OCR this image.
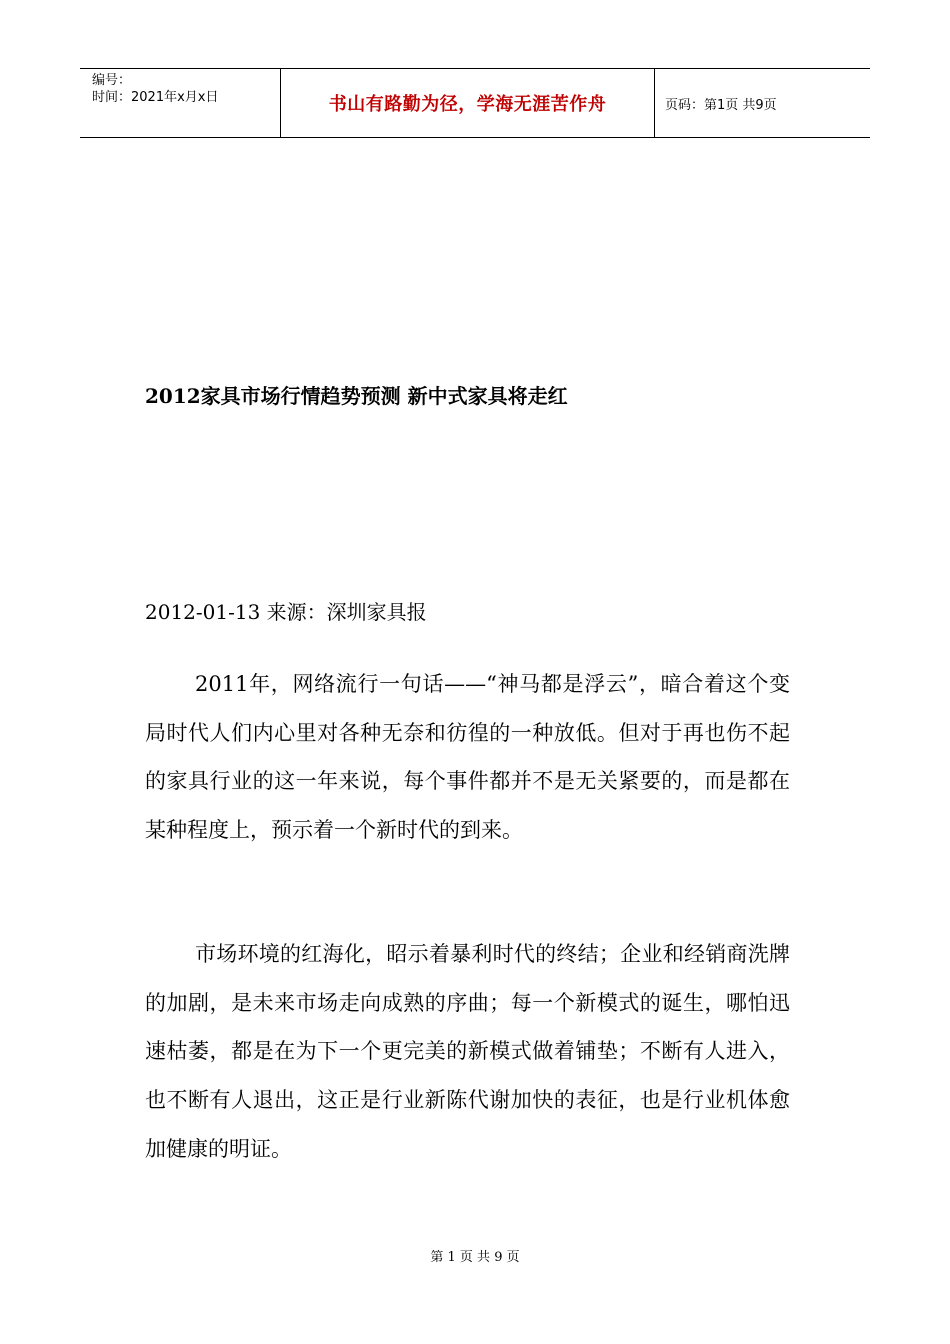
编号：
时间：2021年x月x日	书山有路勤为径，学海无涯苦作舟	页码：第1页 共9页
2012家具市场行情趋势预测 新中式家具将走红
2012-01-13 来源：深圳家具报

2011年，网络流行一句话——“神马都是浮云”，暗合着这个变局时代人们内心里对各种无奈和彷徨的一种放低。但对于再也伤不起的家具行业的这一年来说，每个事件都并不是无关紧要的，而是都在某种程度上，预示着一个新时代的到来。

市场环境的红海化，昭示着暴利时代的终结；企业和经销商洗牌的加剧，是未来市场走向成熟的序曲；每一个新模式的诞生，哪怕迅速枯萎，都是在为下一个更完美的新模式做着铺垫；不断有人进入，也不断有人退出，这正是行业新陈代谢加快的表征，也是行业机体愈加健康的明证。

第 1 页 共 9 页
